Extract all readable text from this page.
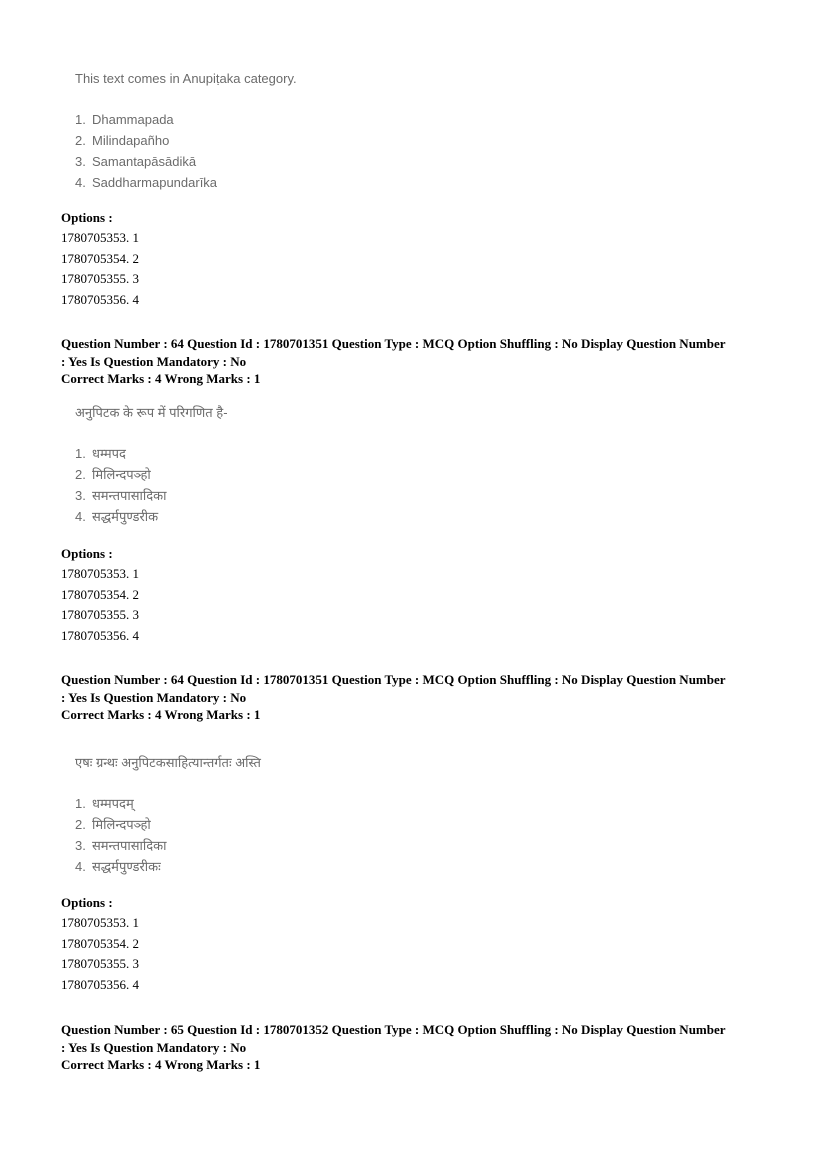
This text comes in Anupiṭaka category.

1. Dhammapada
2. Milindapañho
3. Samantapāsādikā
4. Saddharmapundarīka
Options :
1780705353. 1
1780705354. 2
1780705355. 3
1780705356. 4
Question Number : 64 Question Id : 1780701351 Question Type : MCQ Option Shuffling : No Display Question Number
: Yes Is Question Mandatory : No
Correct Marks : 4 Wrong Marks : 1

अनुपिटक के रूप में परिगणित है-

1. धम्मपद
2. मिलिन्दपञ्हो
3. समन्तपासादिका
4. सद्धर्मपुण्डरीक
Options :
1780705353. 1
1780705354. 2
1780705355. 3
1780705356. 4
Question Number : 64 Question Id : 1780701351 Question Type : MCQ Option Shuffling : No Display Question Number
: Yes Is Question Mandatory : No
Correct Marks : 4 Wrong Marks : 1

एषः ग्रन्थः अनुपिटकसाहित्यान्तर्गतः अस्ति

1. धम्मपदम्
2. मिलिन्दपञ्हो
3. समन्तपासादिका
4. सद्धर्मपुण्डरीकः
Options :
1780705353. 1
1780705354. 2
1780705355. 3
1780705356. 4
Question Number : 65 Question Id : 1780701352 Question Type : MCQ Option Shuffling : No Display Question Number
: Yes Is Question Mandatory : No
Correct Marks : 4 Wrong Marks : 1
